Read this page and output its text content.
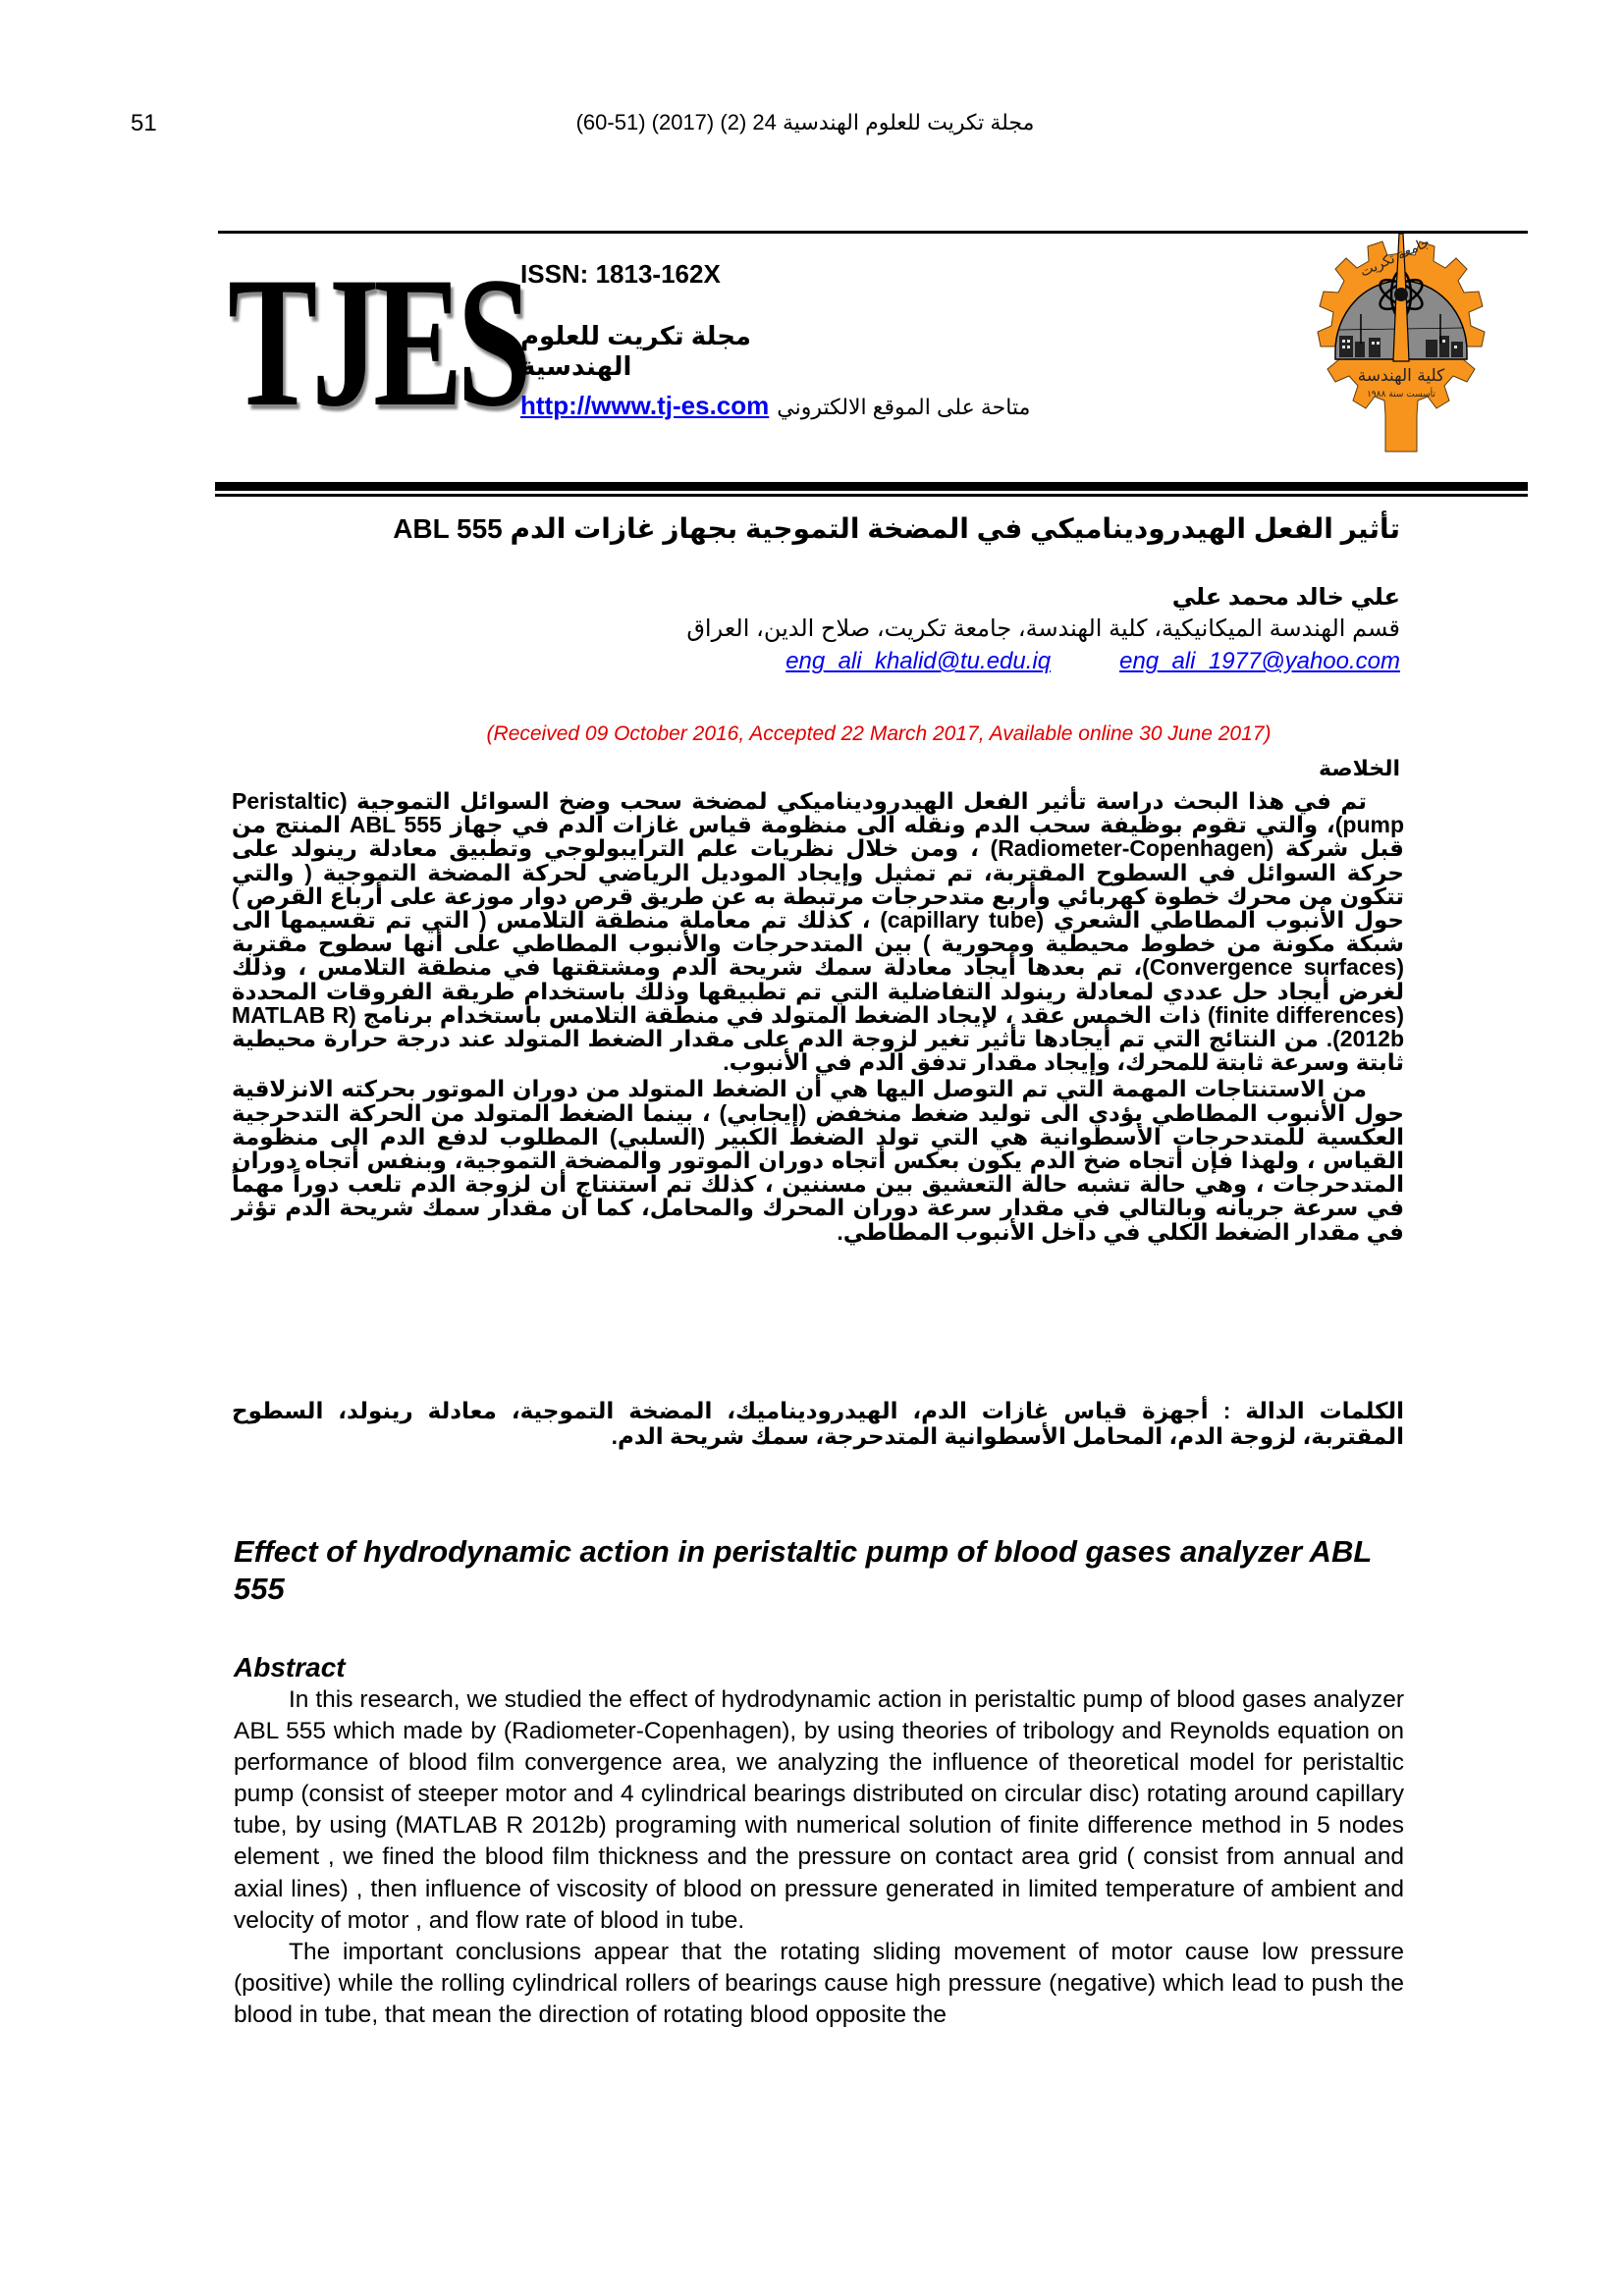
51	مجلة تكريت للعلوم الهندسية 24 (2) (2017) (51-60)
TJES
ISSN: 1813-162X
مجلة تكريت للعلوم الهندسية
http://www.tj-es.com متاحة على الموقع الالكتروني
جامعة تكريت
كلية الهندسة
تأسست سنة ١٩٨٨
تأثير الفعل الهيدروديناميكي في المضخة التموجية بجهاز غازات الدم ABL 555
علي خالد محمد علي
قسم الهندسة الميكانيكية، كلية الهندسة، جامعة تكريت، صلاح الدين، العراق
eng_ali_khalid@tu.edu.iq	eng_ali_1977@yahoo.com
(Received 09 October 2016, Accepted 22 March 2017, Available online 30 June 2017)
الخلاصة

تم في هذا البحث دراسة تأثير الفعل الهيدروديناميكي لمضخة سحب وضخ السوائل التموجية (Peristaltic pump)، والتي تقوم بوظيفة سحب الدم ونقله الى منظومة قياس غازات الدم في جهاز ABL 555 المنتج من قبل شركة (Radiometer-Copenhagen) ، ومن خلال نظريات علم الترايبولوجي وتطبيق معادلة رينولد على حركة السوائل في السطوح المقتربة، تم تمثيل وإيجاد الموديل الرياضي لحركة المضخة التموجية ( والتي تتكون من محرك خطوة كهربائي وأربع متدحرجات مرتبطة به عن طريق قرص دوار موزعة على أرباع القرص ) حول الأنبوب المطاطي الشعري (capillary tube) ، كذلك تم معاملة منطقة التلامس ( التي تم تقسيمها الى شبكة مكونة من خطوط محيطية ومحورية ) بين المتدحرجات والأنبوب المطاطي على أنها سطوح مقتربة (Convergence surfaces)، تم بعدها أيجاد معادلة سمك شريحة الدم ومشتقتها في منطقة التلامس ، وذلك لغرض أيجاد حل عددي لمعادلة رينولد التفاضلية التي تم تطبيقها وذلك باستخدام طريقة الفروقات المحددة (finite differences) ذات الخمس عقد ، لإيجاد الضغط المتولد في منطقة التلامس باستخدام برنامج (MATLAB R 2012b). من النتائج التي تم أيجادها تأثير تغير لزوجة الدم على مقدار الضغط المتولد عند درجة حرارة محيطية ثابتة وسرعة ثابتة للمحرك، وإيجاد مقدار تدفق الدم في الأنبوب.

من الاستنتاجات المهمة التي تم التوصل اليها هي أن الضغط المتولد من دوران الموتور بحركته الانزلاقية حول الأنبوب المطاطي يؤدي الى توليد ضغط منخفض (إيجابي) ، بينما الضغط المتولد من الحركة التدحرجية العكسية للمتدحرجات الأسطوانية هي التي تولد الضغط الكبير (السلبي) المطلوب لدفع الدم الى منظومة القياس ، ولهذا فإن أتجاه ضخ الدم يكون بعكس أتجاه دوران الموتور والمضخة التموجية، وبنفس أتجاه دوران المتدحرجات ، وهي حالة تشبه حالة التعشيق بين مسننين ، كذلك تم استنتاج أن لزوجة الدم تلعب دوراً مهماً في سرعة جريانه وبالتالي في مقدار سرعة دوران المحرك والمحامل، كما أن مقدار سمك شريحة الدم تؤثر في مقدار الضغط الكلي في داخل الأنبوب المطاطي.

الكلمات الدالة : أجهزة قياس غازات الدم، الهيدروديناميك، المضخة التموجية، معادلة رينولد، السطوح المقتربة، لزوجة الدم، المحامل الأسطوانية المتدحرجة، سمك شريحة الدم.
Effect of hydrodynamic action in peristaltic pump of blood gases analyzer ABL 555
Abstract

In this research, we studied the effect of hydrodynamic action in peristaltic pump of blood gases analyzer ABL 555 which made by (Radiometer-Copenhagen), by using theories of tribology and Reynolds equation on performance of blood film convergence area, we analyzing the influence of theoretical model for peristaltic pump (consist of steeper motor and 4 cylindrical bearings distributed on circular disc) rotating around capillary tube, by using (MATLAB R 2012b) programing with numerical solution of finite difference method in 5 nodes element , we fined the blood film thickness and the pressure on contact area grid ( consist from annual and axial lines) , then influence of viscosity of blood on pressure generated in limited temperature of ambient and velocity of motor , and flow rate of blood in tube.

The important conclusions appear that the rotating sliding movement of motor cause low pressure (positive) while the rolling cylindrical rollers of bearings cause high pressure (negative) which lead to push the blood in tube, that mean the direction of rotating blood opposite the
